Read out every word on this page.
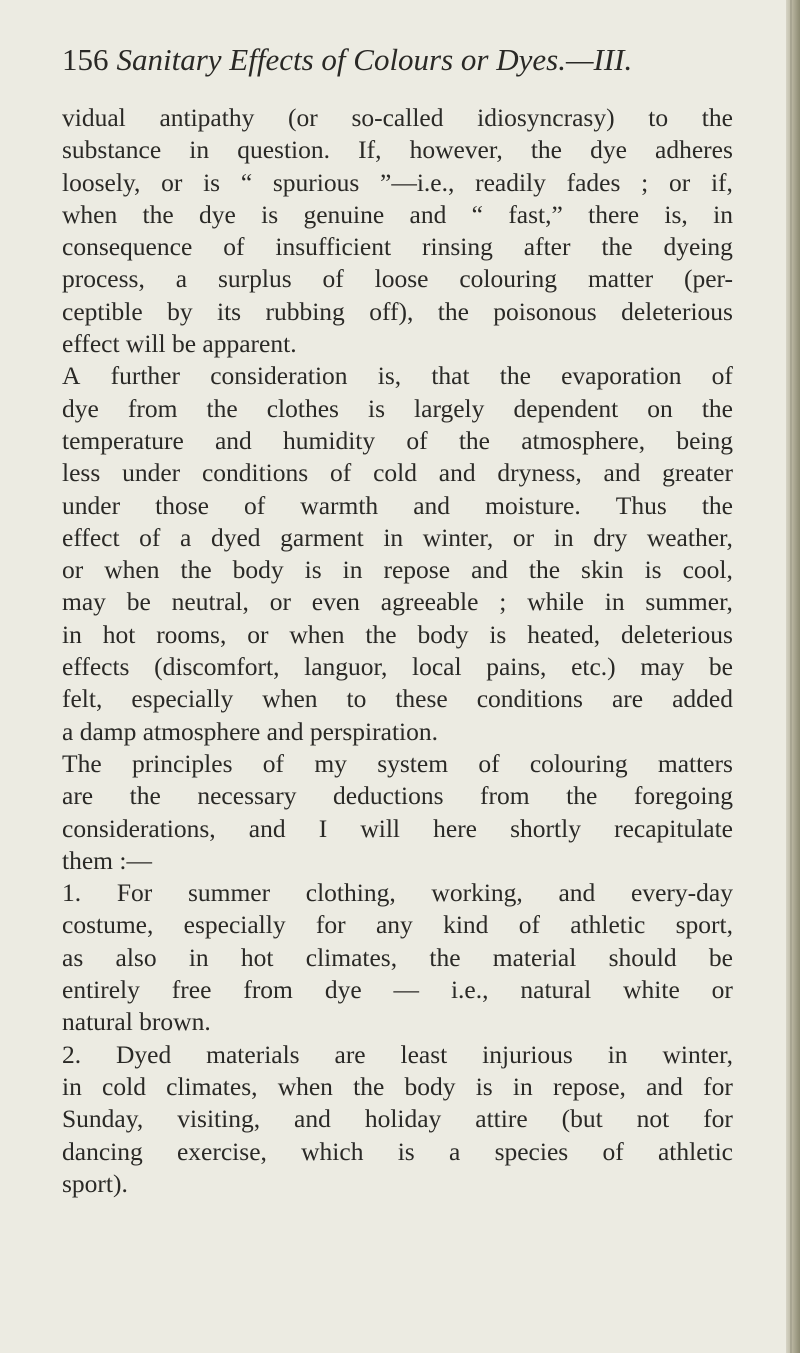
156 Sanitary Effects of Colours or Dyes.—III.
vidual antipathy (or so-called idiosyncrasy) to the
substance in question. If, however, the dye adheres
loosely, or is “ spurious ”—i.e., readily fades ; or if,
when the dye is genuine and “ fast,” there is, in
consequence of insufficient rinsing after the dyeing
process, a surplus of loose colouring matter (per-
ceptible by its rubbing off), the poisonous deleterious
effect will be apparent.
A further consideration is, that the evaporation of
dye from the clothes is largely dependent on the
temperature and humidity of the atmosphere, being
less under conditions of cold and dryness, and greater
under those of warmth and moisture. Thus the
effect of a dyed garment in winter, or in dry weather,
or when the body is in repose and the skin is cool,
may be neutral, or even agreeable ; while in summer,
in hot rooms, or when the body is heated, deleterious
effects (discomfort, languor, local pains, etc.) may be
felt, especially when to these conditions are added
a damp atmosphere and perspiration.
The principles of my system of colouring matters
are the necessary deductions from the foregoing
considerations, and I will here shortly recapitulate
them :—
1. For summer clothing, working, and every-day
costume, especially for any kind of athletic sport,
as also in hot climates, the material should be
entirely free from dye — i.e., natural white or
natural brown.
2. Dyed materials are least injurious in winter,
in cold climates, when the body is in repose, and for
Sunday, visiting, and holiday attire (but not for
dancing exercise, which is a species of athletic
sport).
